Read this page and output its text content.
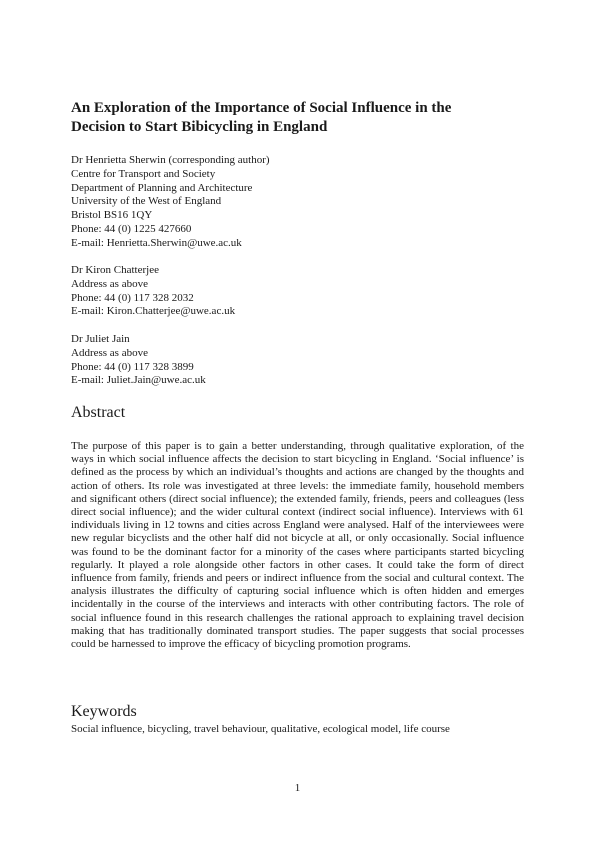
An Exploration of the Importance of Social Influence in the
Decision to Start Bibicycling in England
Dr Henrietta Sherwin (corresponding author)
Centre for Transport and Society
Department of Planning and Architecture
University of the West of England
Bristol BS16 1QY
Phone: 44 (0) 1225 427660
E-mail: Henrietta.Sherwin@uwe.ac.uk
Dr Kiron Chatterjee
Address as above
Phone: 44 (0) 117 328 2032
E-mail: Kiron.Chatterjee@uwe.ac.uk
Dr Juliet Jain
Address as above
Phone: 44 (0) 117 328 3899
E-mail: Juliet.Jain@uwe.ac.uk
Abstract

The purpose of this paper is to gain a better understanding, through qualitative exploration, of the ways in which social influence affects the decision to start bicycling in England. ‘Social influence’ is defined as the process by which an individual’s thoughts and actions are changed by the thoughts and action of others. Its role was investigated at three levels: the immediate family, household members and significant others (direct social influence); the extended family, friends, peers and colleagues (less direct social influence); and the wider cultural context (indirect social influence). Interviews with 61 individuals living in 12 towns and cities across England were analysed. Half of the interviewees were new regular bicyclists and the other half did not bicycle at all, or only occasionally. Social influence was found to be the dominant factor for a minority of the cases where participants started bicycling regularly. It played a role alongside other factors in other cases. It could take the form of direct influence from family, friends and peers or indirect influence from the social and cultural context. The analysis illustrates the difficulty of capturing social influence which is often hidden and emerges incidentally in the course of the interviews and interacts with other contributing factors. The role of social influence found in this research challenges the rational approach to explaining travel decision making that has traditionally dominated transport studies. The paper suggests that social processes could be harnessed to improve the efficacy of bicycling promotion programs.

Keywords
Social influence, bicycling, travel behaviour, qualitative, ecological model, life course
1
